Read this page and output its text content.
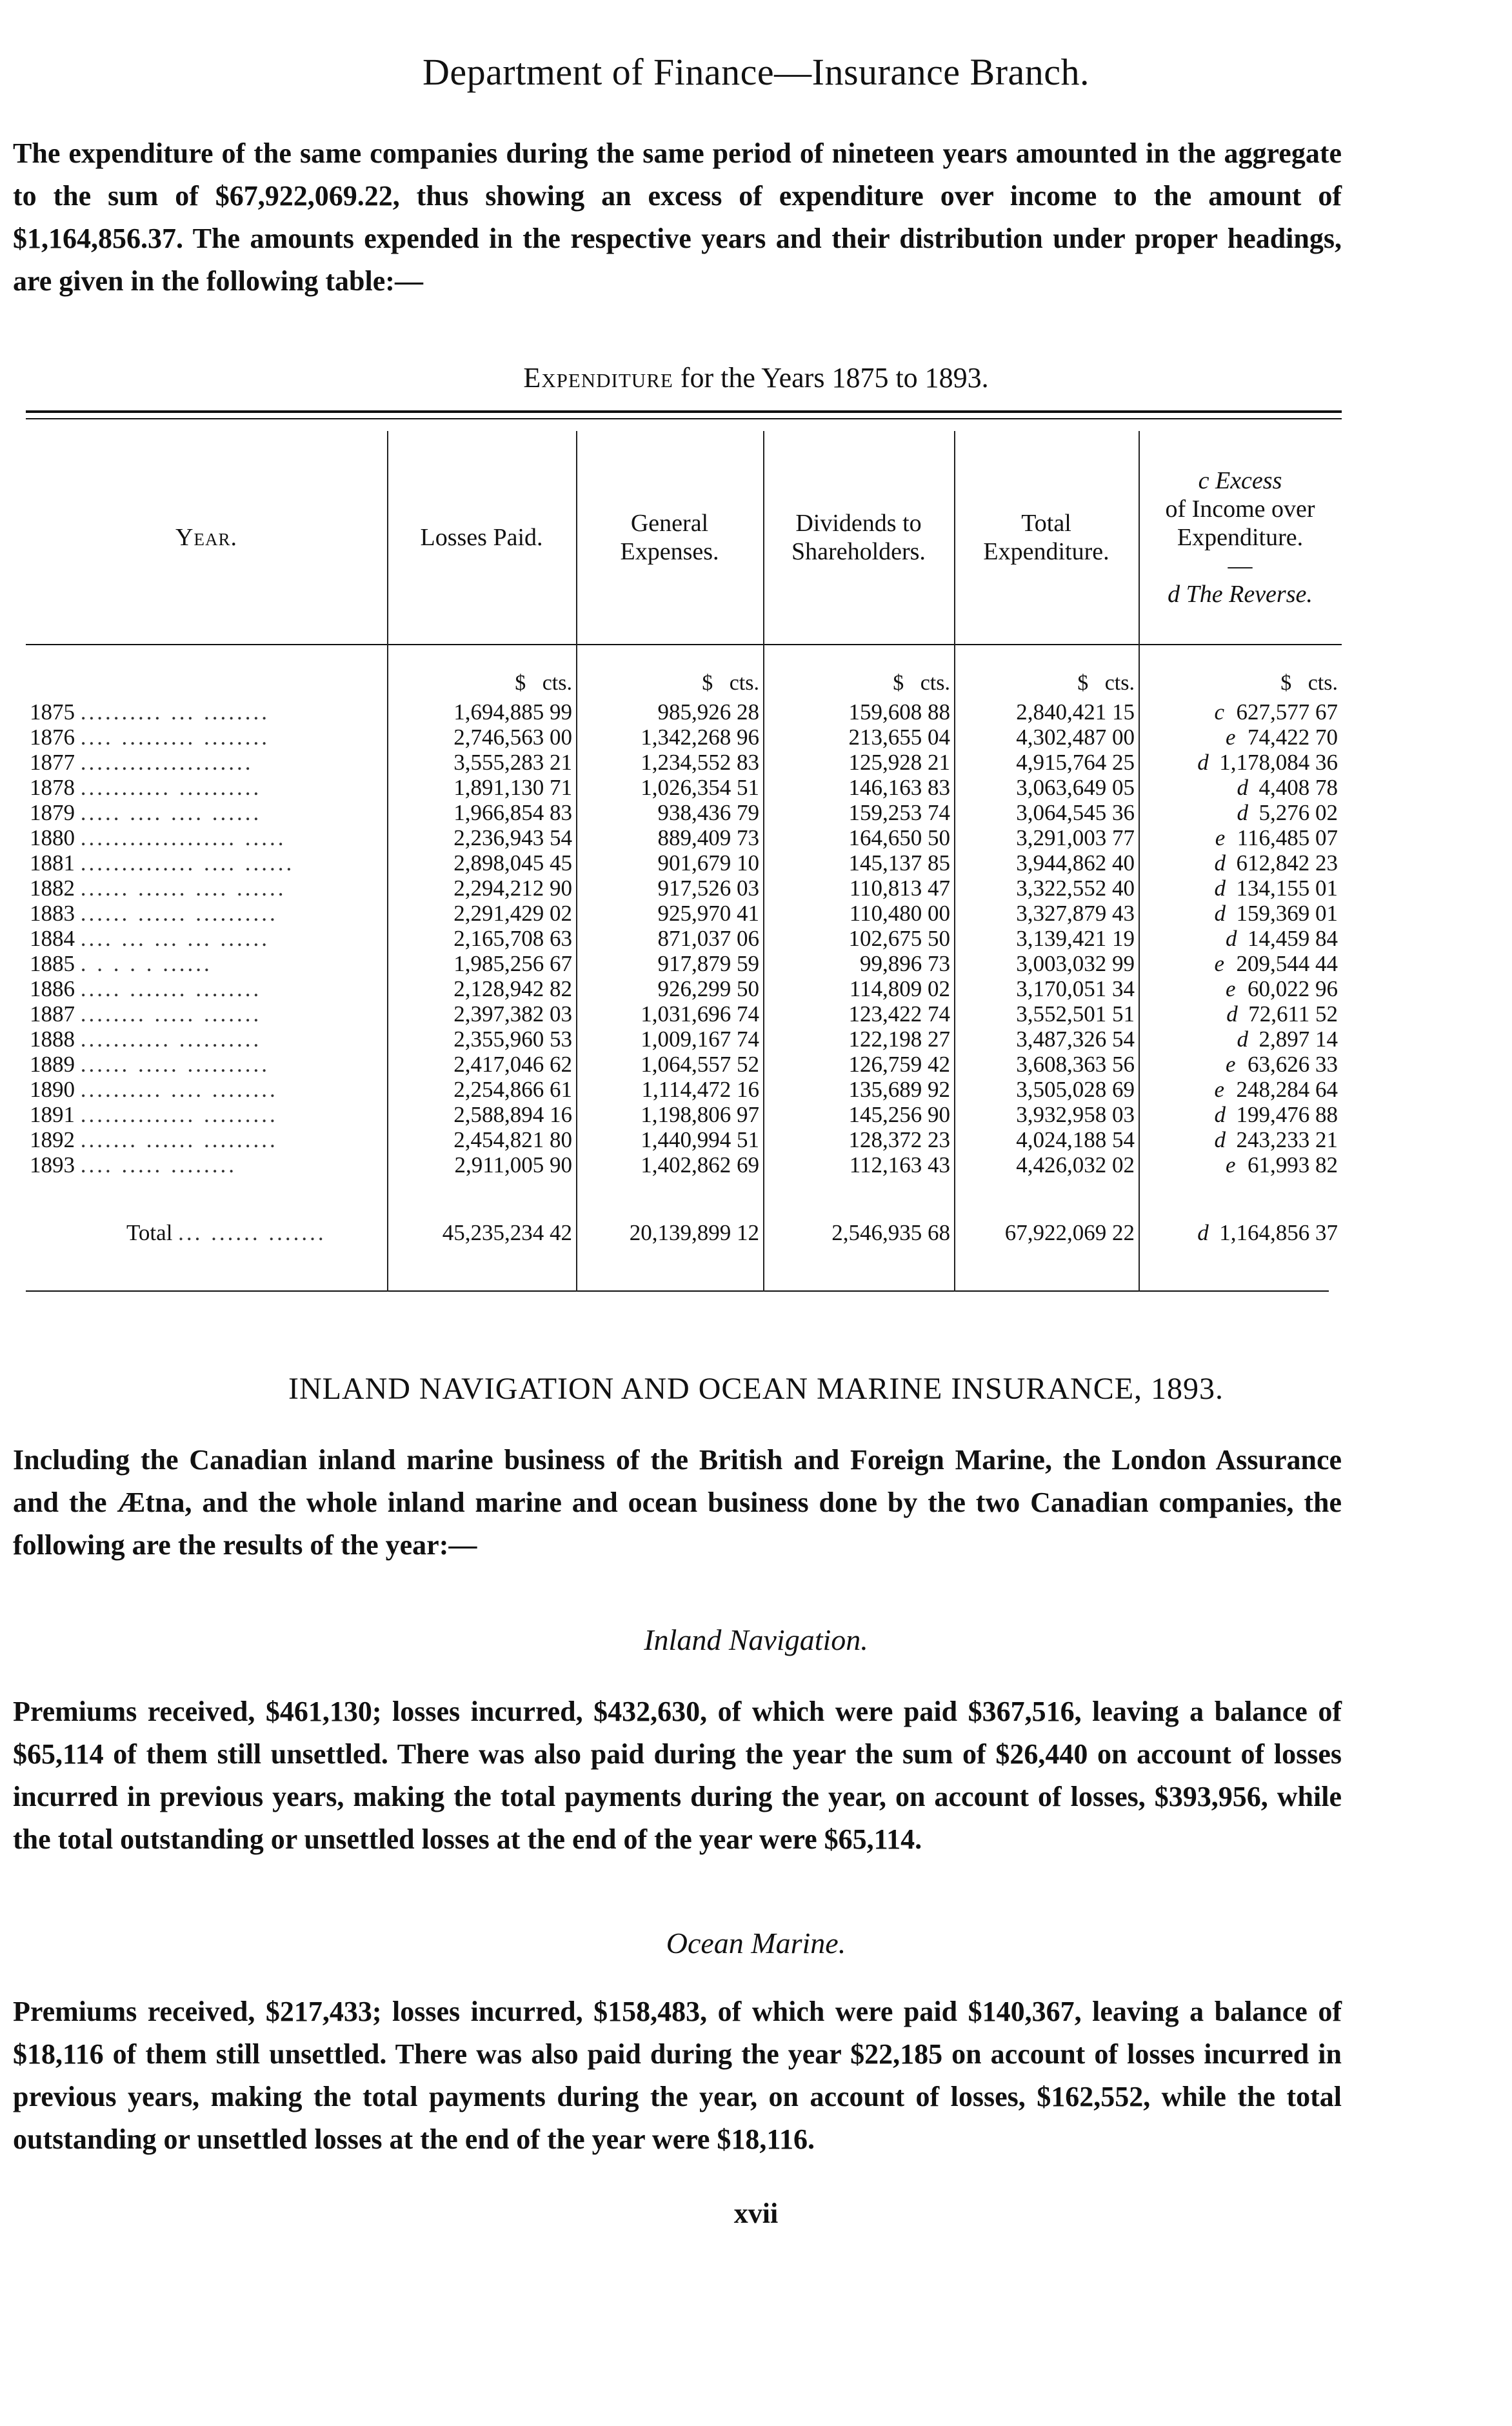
Department of Finance—Insurance Branch.
The expenditure of the same companies during the same period of nineteen years amounted in the aggregate to the sum of $67,922,069.22, thus showing an excess of expenditure over income to the amount of $1,164,856.37. The amounts expended in the respective years and their distribution under proper headings, are given in the following table:—
Expenditure for the Years 1875 to 1893.
Year.	Losses Paid.	General Expenses.	Dividends to Shareholders.	Total Expenditure.	c Excess
of Income over Expenditure.
—
d The Reverse.

	$ cts.	$ cts.	$ cts.	$ cts.	$ cts.
1875 .......... ... ........	1,694,885 99	985,926 28	159,608 88	2,840,421 15	c 627,577 67
1876 .... ......... ........	2,746,563 00	1,342,268 96	213,655 04	4,302,487 00	e 74,422 70
1877 .....................	3,555,283 21	1,234,552 83	125,928 21	4,915,764 25	d 1,178,084 36
1878 ........... ..........	1,891,130 71	1,026,354 51	146,163 83	3,063,649 05	d 4,408 78
1879 ..... .... .... ......	1,966,854 83	938,436 79	159,253 74	3,064,545 36	d 5,276 02
1880 ................... .....	2,236,943 54	889,409 73	164,650 50	3,291,003 77	e 116,485 07
1881 .............. .... ......	2,898,045 45	901,679 10	145,137 85	3,944,862 40	d 612,842 23
1882 ...... ...... .... ......	2,294,212 90	917,526 03	110,813 47	3,322,552 40	d 134,155 01
1883 ...... ...... ..........	2,291,429 02	925,970 41	110,480 00	3,327,879 43	d 159,369 01
1884 .... ... ... ... ......	2,165,708 63	871,037 06	102,675 50	3,139,421 19	d 14,459 84
1885 . . . . . ......	1,985,256 67	917,879 59	99,896 73	3,003,032 99	e 209,544 44
1886 ..... ....... ........	2,128,942 82	926,299 50	114,809 02	3,170,051 34	e 60,022 96
1887 ........ ..... .......	2,397,382 03	1,031,696 74	123,422 74	3,552,501 51	d 72,611 52
1888 ........... ..........	2,355,960 53	1,009,167 74	122,198 27	3,487,326 54	d 2,897 14
1889 ...... ..... ..........	2,417,046 62	1,064,557 52	126,759 42	3,608,363 56	e 63,626 33
1890 .......... .... ........	2,254,866 61	1,114,472 16	135,689 92	3,505,028 69	e 248,284 64
1891 .............. .........	2,588,894 16	1,198,806 97	145,256 90	3,932,958 03	d 199,476 88
1892 ....... ...... .........	2,454,821 80	1,440,994 51	128,372 23	4,024,188 54	d 243,233 21
1893 .... ..... ........	2,911,005 90	1,402,862 69	112,163 43	4,426,032 02	e 61,993 82
Total ... ...... .......	45,235,234 42	20,139,899 12	2,546,935 68	67,922,069 22	d 1,164,856 37
INLAND NAVIGATION AND OCEAN MARINE INSURANCE, 1893.
Including the Canadian inland marine business of the British and Foreign Marine, the London Assurance and the Ætna, and the whole inland marine and ocean business done by the two Canadian companies, the following are the results of the year:—
Inland Navigation.
Premiums received, $461,130; losses incurred, $432,630, of which were paid $367,516, leaving a balance of $65,114 of them still unsettled. There was also paid during the year the sum of $26,440 on account of losses incurred in previous years, making the total payments during the year, on account of losses, $393,956, while the total outstanding or unsettled losses at the end of the year were $65,114.
Ocean Marine.
Premiums received, $217,433; losses incurred, $158,483, of which were paid $140,367, leaving a balance of $18,116 of them still unsettled. There was also paid during the year $22,185 on account of losses incurred in previous years, making the total payments during the year, on account of losses, $162,552, while the total outstanding or unsettled losses at the end of the year were $18,116.
xvii
